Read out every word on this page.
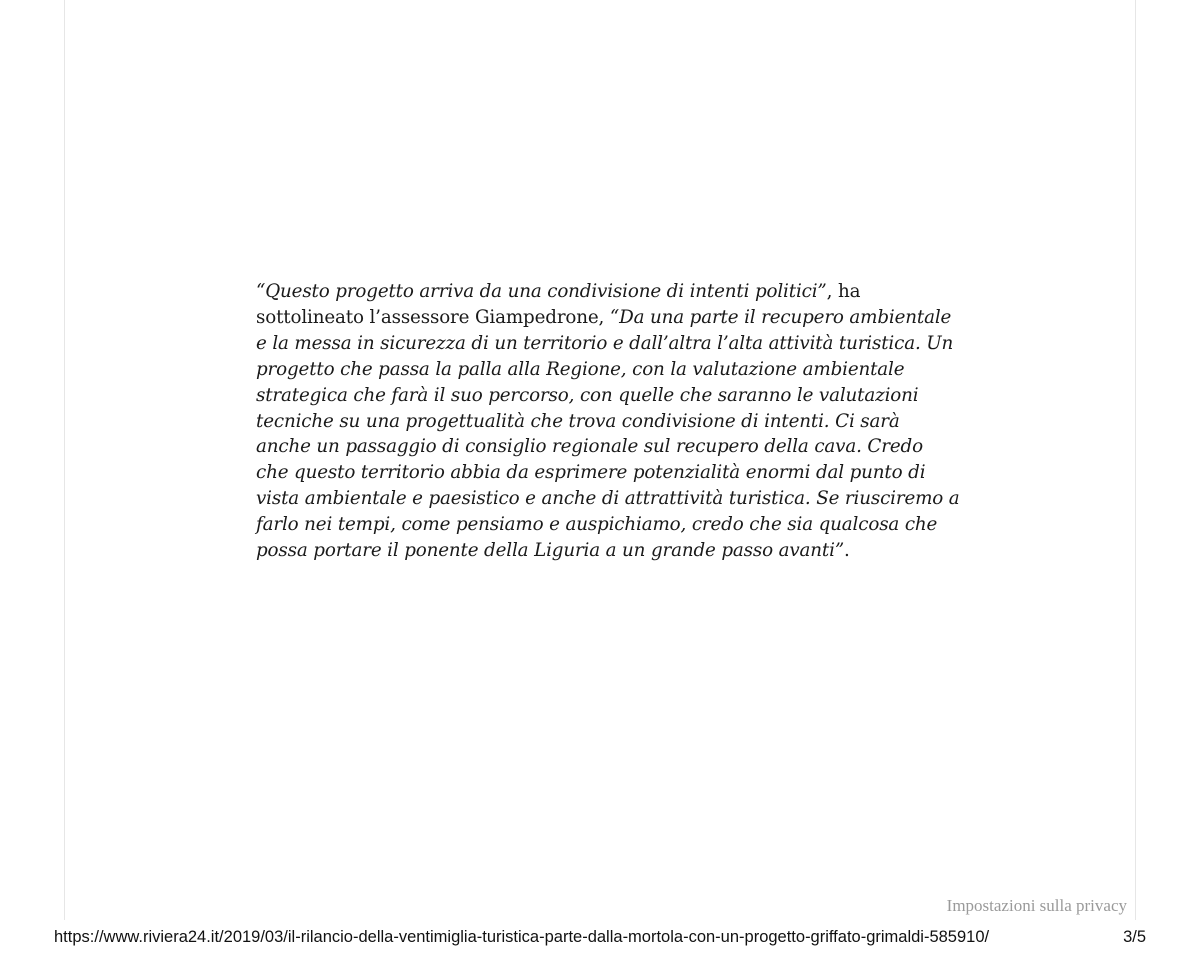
“Questo progetto arriva da una condivisione di intenti politici”, ha sottolineato l’assessore Giampedrone, “Da una parte il recupero ambientale e la messa in sicurezza di un territorio e dall’altra l’alta attività turistica. Un progetto che passa la palla alla Regione, con la valutazione ambientale strategica che farà il suo percorso, con quelle che saranno le valutazioni tecniche su una progettualità che trova condivisione di intenti. Ci sarà anche un passaggio di consiglio regionale sul recupero della cava. Credo che questo territorio abbia da esprimere potenzialità enormi dal punto di vista ambientale e paesistico e anche di attrattività turistica. Se riusciremo a farlo nei tempi, come pensiamo e auspichiamo, credo che sia qualcosa che possa portare il ponente della Liguria a un grande passo avanti”.

Impostazioni sulla privacy
https://www.riviera24.it/2019/03/il-rilancio-della-ventimiglia-turistica-parte-dalla-mortola-con-un-progetto-griffato-grimaldi-585910/	3/5
